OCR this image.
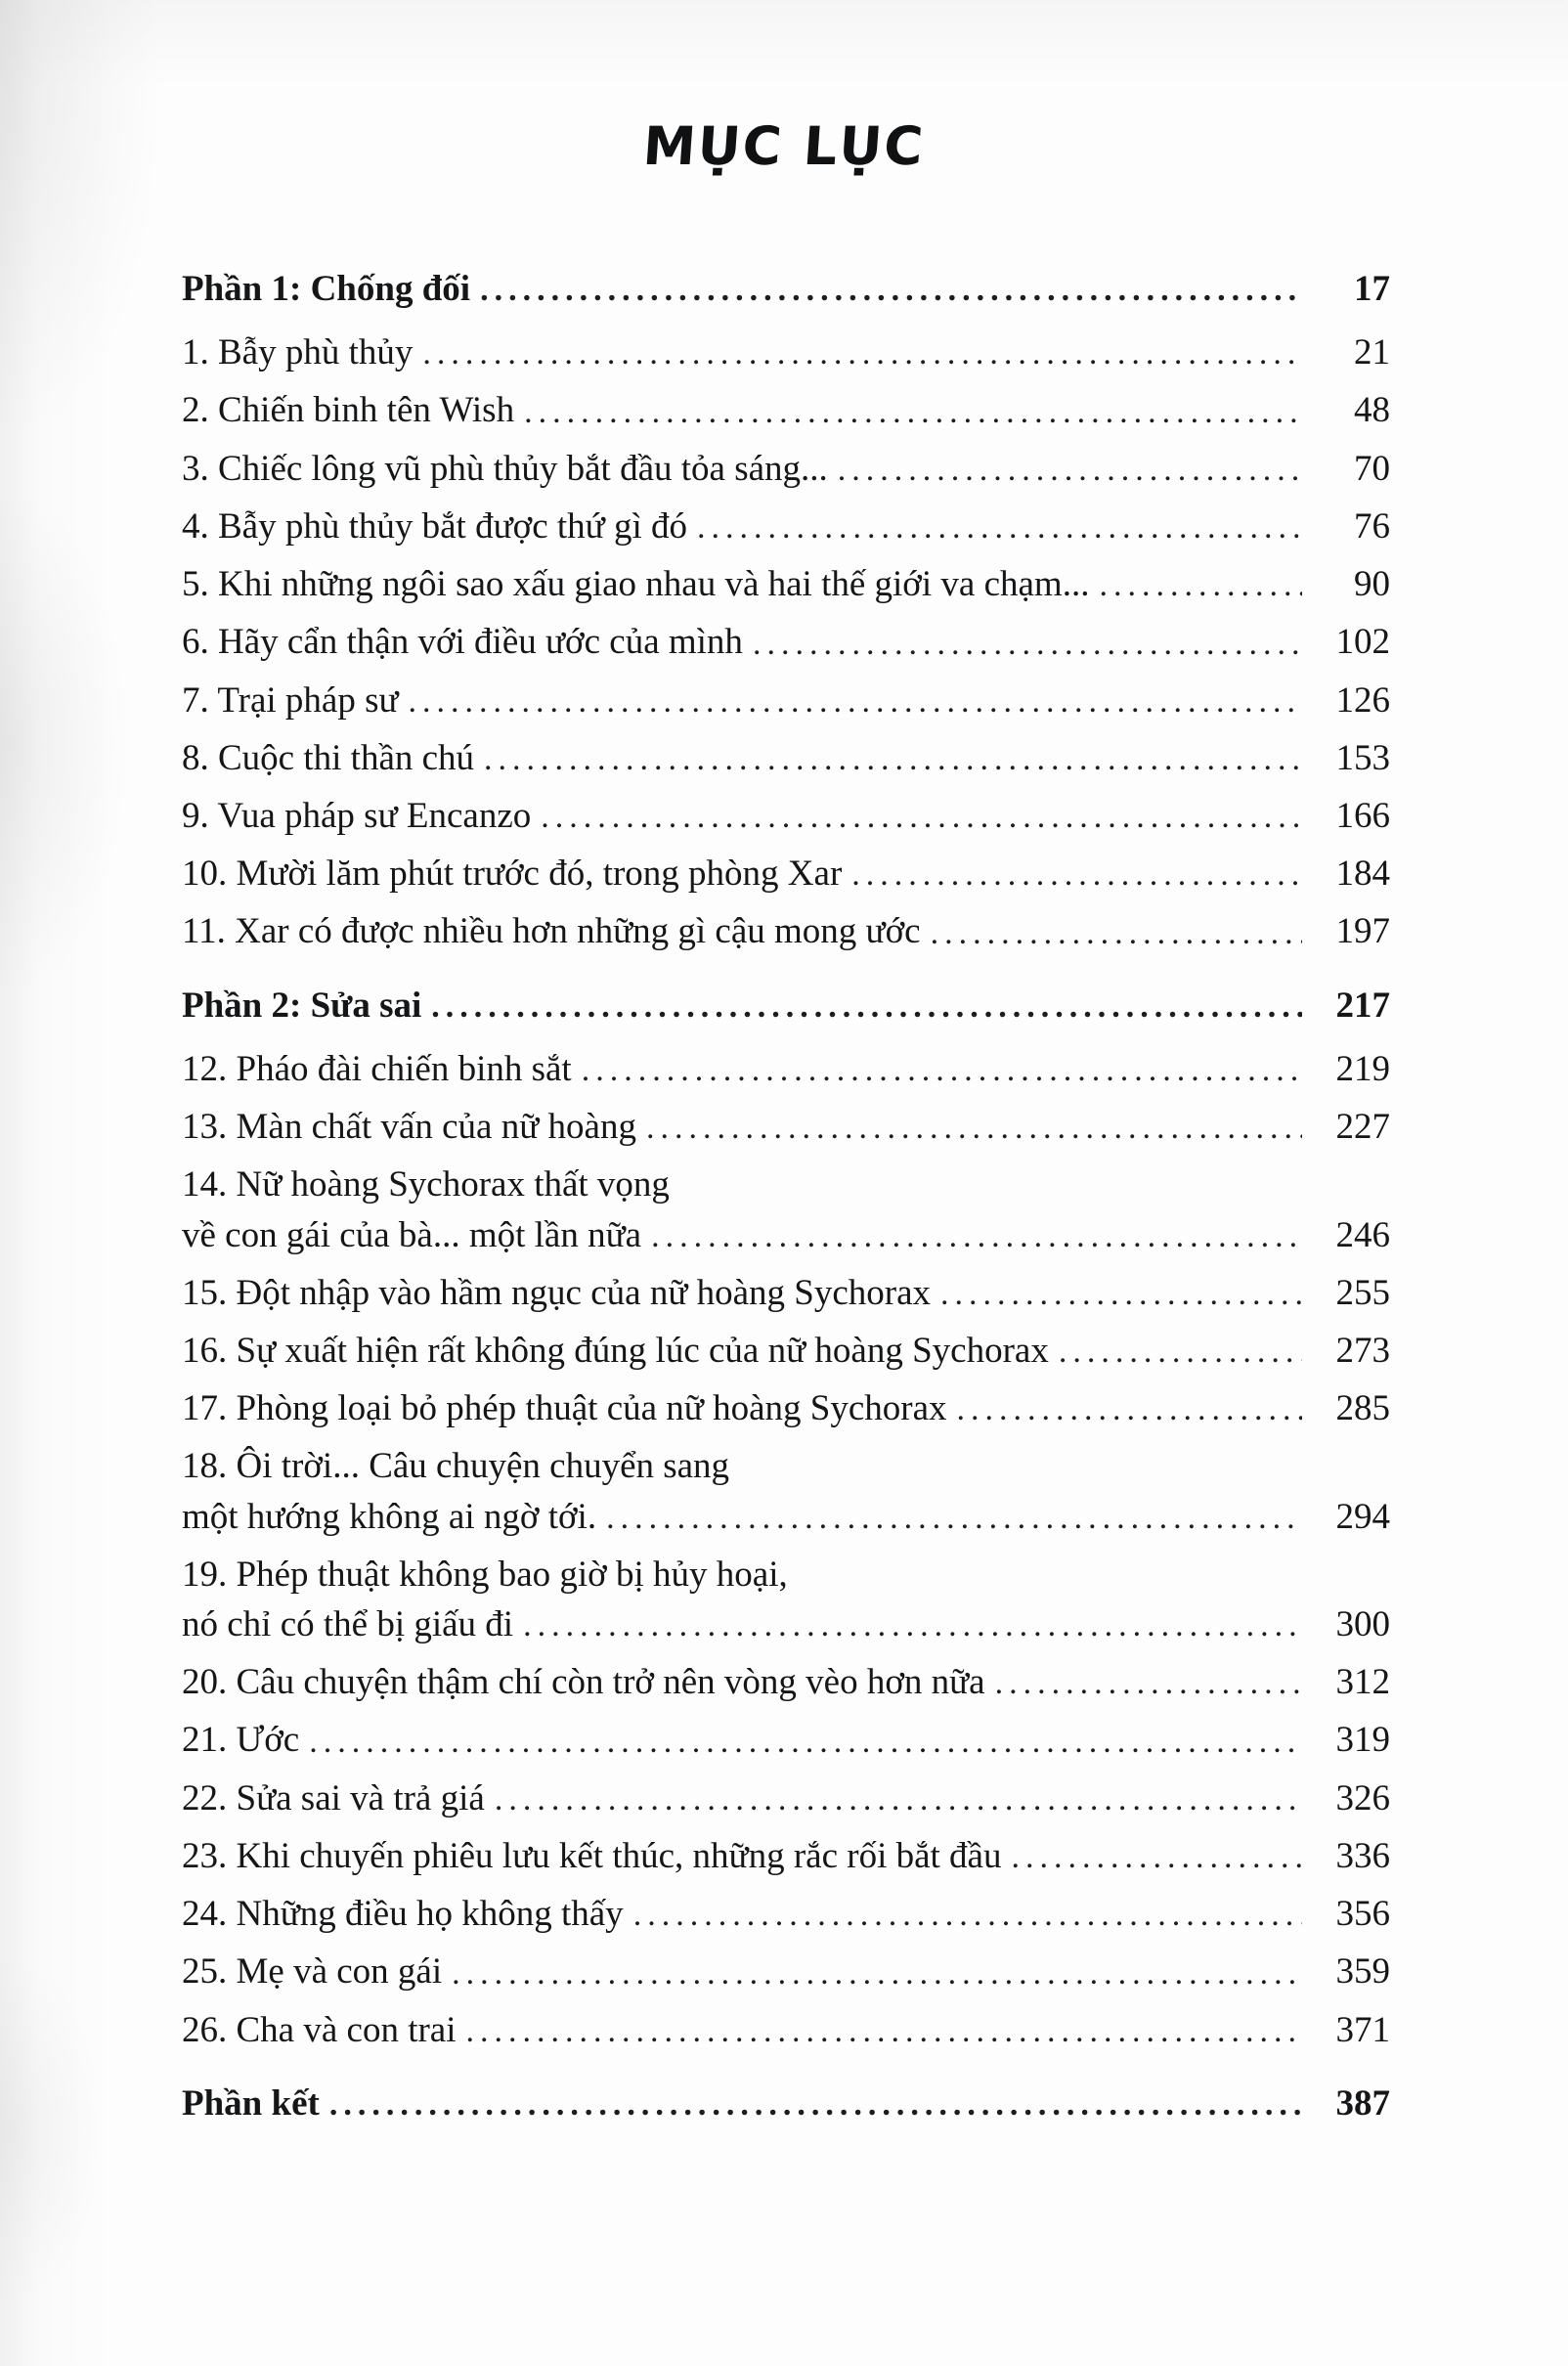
MỤC LỤC
Phần 1: Chống đối .....	17
1. Bẫy phù thủy .....	21
2. Chiến binh tên Wish .....	48
3. Chiếc lông vũ phù thủy bắt đầu tỏa sáng... .....	70
4. Bẫy phù thủy bắt được thứ gì đó .....	76
5. Khi những ngôi sao xấu giao nhau và hai thế giới va chạm... .....	90
6. Hãy cẩn thận với điều ước của mình .....	102
7. Trại pháp sư .....	126
8. Cuộc thi thần chú .....	153
9. Vua pháp sư Encanzo .....	166
10. Mười lăm phút trước đó, trong phòng Xar .....	184
11. Xar có được nhiều hơn những gì cậu mong ước .....	197
Phần 2: Sửa sai .....	217
12. Pháo đài chiến binh sắt .....	219
13. Màn chất vấn của nữ hoàng .....	227
14. Nữ hoàng Sychorax thất vọng
về con gái của bà... một lần nữa .....	246
15. Đột nhập vào hầm ngục của nữ hoàng Sychorax .....	255
16. Sự xuất hiện rất không đúng lúc của nữ hoàng Sychorax .....	273
17. Phòng loại bỏ phép thuật của nữ hoàng Sychorax .....	285
18. Ôi trời... Câu chuyện chuyển sang
một hướng không ai ngờ tới. .....	294
19. Phép thuật không bao giờ bị hủy hoại,
nó chỉ có thể bị giấu đi .....	300
20. Câu chuyện thậm chí còn trở nên vòng vèo hơn nữa .....	312
21. Ước .....	319
22. Sửa sai và trả giá .....	326
23. Khi chuyến phiêu lưu kết thúc, những rắc rối bắt đầu .....	336
24. Những điều họ không thấy .....	356
25. Mẹ và con gái .....	359
26. Cha và con trai .....	371
Phần kết .....	387
